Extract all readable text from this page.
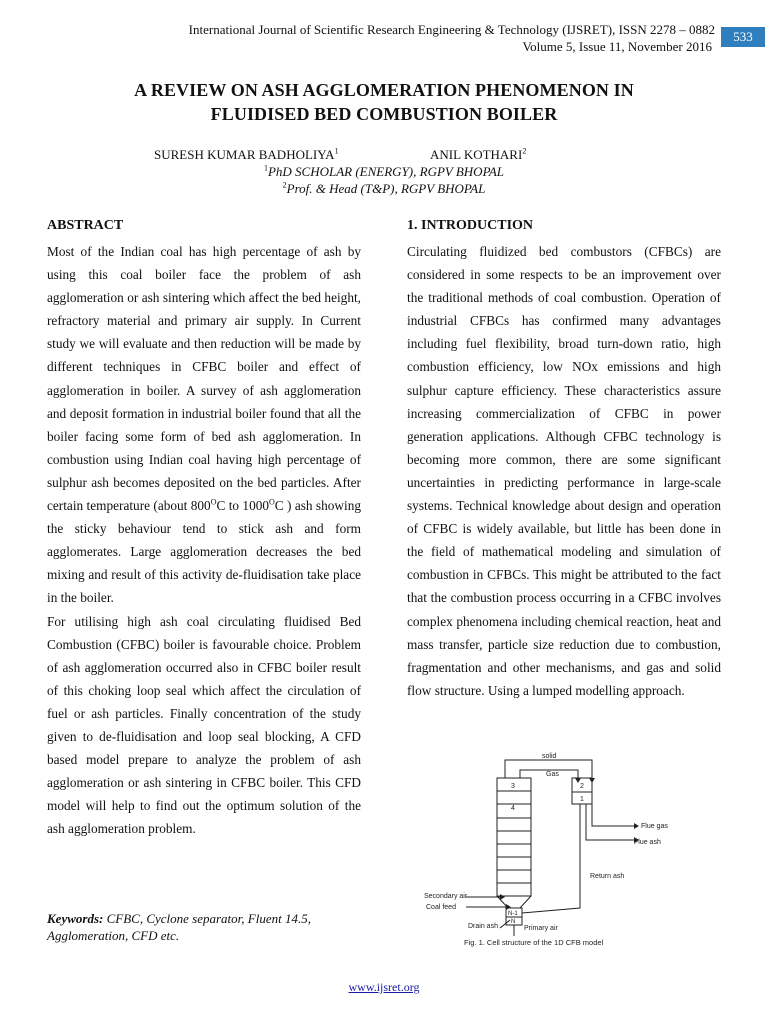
International Journal of Scientific Research Engineering & Technology (IJSRET), ISSN 2278 – 0882
Volume 5, Issue 11, November 2016
533
A REVIEW ON ASH AGGLOMERATION PHENOMENON IN
FLUIDISED BED COMBUSTION BOILER
SURESH KUMAR BADHOLIYA$^1$	ANIL KOTHARI$^2$
$^1$PhD SCHOLAR (ENERGY), RGPV BHOPAL
$^2$Prof. & Head (T&P), RGPV BHOPAL
ABSTRACT	1. INTRODUCTION

Most of the Indian coal has high percentage of ash by using this coal boiler face the problem of ash agglomeration or ash sintering which affect the bed height, refractory material and primary air supply. In Current study we will evaluate and then reduction will be made by different techniques in CFBC boiler and effect of agglomeration in boiler. A survey of ash agglomeration and deposit formation in industrial boiler found that all the boiler facing some form of bed ash agglomeration. In combustion using Indian coal having high percentage of sulphur ash becomes deposited on the bed particles. After certain temperature (about $800^OC$ to $1000^OC$ ) ash showing the sticky behaviour tend to stick ash and form agglomerates. Large agglomeration decreases the bed mixing and result of this activity de-fluidisation take place in the boiler.

For utilising high ash coal circulating fluidised Bed Combustion (CFBC) boiler is favourable choice. Problem of ash agglomeration occurred also in CFBC boiler result of this choking loop seal which affect the circulation of fuel or ash particles. Finally concentration of the study given to de-fluidisation and loop seal blocking, A CFD based model prepare to analyze the problem of ash agglomeration or ash sintering in CFBC boiler. This CFD model will help to find out the optimum solution of the ash agglomeration problem.

Keywords: CFBC, Cyclone separator, Fluent 14.5, Agglomeration, CFD etc.

Circulating fluidized bed combustors (CFBCs) are considered in some respects to be an improvement over the traditional methods of coal combustion. Operation of industrial CFBCs has confirmed many advantages including fuel flexibility, broad turn-down ratio, high combustion efficiency, low NOx emissions and high sulphur capture efficiency. These characteristics assure increasing commercialization of CFBC in power generation applications. Although CFBC technology is becoming more common, there are some significant uncertainties in predicting performance in large-scale systems. Technical knowledge about design and operation of CFBC is widely available, but little has been done in the field of mathematical modeling and simulation of combustion in CFBCs. This might be attributed to the fact that the combustion process occurring in a CFBC involves complex phenomena including chemical reaction, heat and mass transfer, particle size reduction due to combustion, fragmentation and other mechanisms, and gas and solid flow structure. Using a lumped modelling approach.

solid
Gas
3
4
2
1
Flue gas
Flue ash
Return ash
Secondary air
Coal feed
N-1
N
Drain ash	Primary air
Fig. 1. Cell structure of the 1D CFB model
www.ijsret.org
